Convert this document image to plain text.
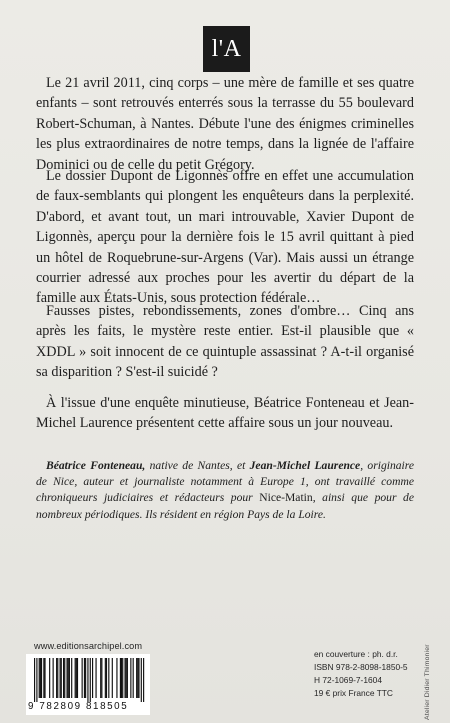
l'A

Le 21 avril 2011, cinq corps – une mère de famille et ses quatre enfants – sont retrouvés enterrés sous la terrasse du 55 boulevard Robert-Schuman, à Nantes. Débute l'une des énigmes criminelles les plus extraordinaires de notre temps, dans la lignée de l'affaire Dominici ou de celle du petit Grégory.

Le dossier Dupont de Ligonnès offre en effet une accumulation de faux-semblants qui plongent les enquêteurs dans la perplexité. D'abord, et avant tout, un mari introuvable, Xavier Dupont de Ligonnès, aperçu pour la dernière fois le 15 avril quittant à pied un hôtel de Roquebrune-sur-Argens (Var). Mais aussi un étrange courrier adressé aux proches pour les avertir du départ de la famille aux États-Unis, sous protection fédérale…

Fausses pistes, rebondissements, zones d'ombre… Cinq ans après les faits, le mystère reste entier. Est-il plausible que « XDDL » soit innocent de ce quintuple assassinat ? A-t-il organisé sa disparition ? S'est-il suicidé ?

À l'issue d'une enquête minutieuse, Béatrice Fonteneau et Jean-Michel Laurence présentent cette affaire sous un jour nouveau.

Béatrice Fonteneau, native de Nantes, et Jean-Michel Laurence, originaire de Nice, auteur et journaliste notamment à Europe 1, ont travaillé comme chroniqueurs judiciaires et rédacteurs pour Nice-Matin, ainsi que pour de nombreux périodiques. Ils résident en région Pays de la Loire.

www.editionsarchipel.com
9 782809 818505
en couverture : ph. d.r.
ISBN 978-2-8098-1850-5
H 72-1069-7-1604
19 € prix France TTC	Atelier Didier Thimonier
